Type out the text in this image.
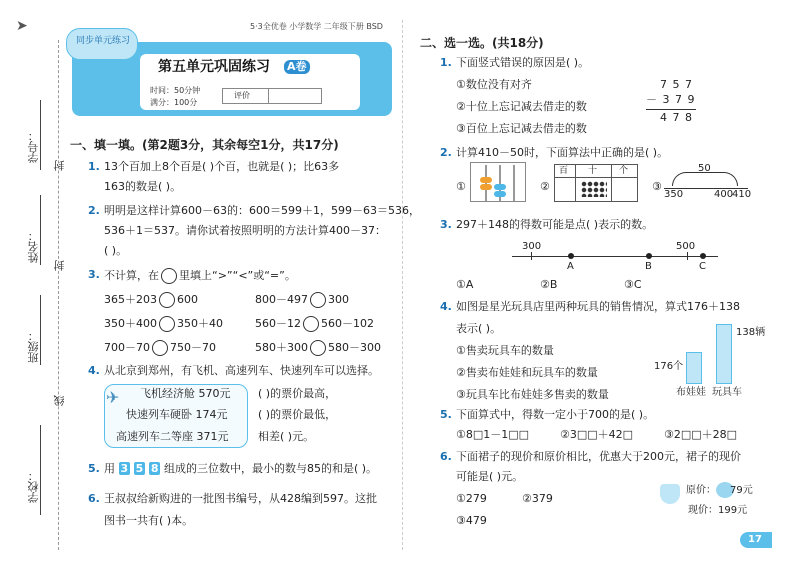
➤
学号：
封
姓名：
封
班级：
线
学校：
5·3全优卷 小学数学 二年级下册 BSD
同步单元练习
第五单元巩固练习 A卷
时间：50分钟
满分：100分
评价
一、填一填。(第2题3分，其余每空1分，共17分)
1. 13个百加上8个百是( )个百，也就是( )；比63多
163的数是( )。
2. 明明是这样计算600－63的：600＝599＋1，599－63＝536，
536＋1＝537。请你试着按照明明的方法计算400－37：
( )。
3. 不计算，在 里填上“>”“<”或“=”。
365＋203 600	800－497 300
350＋400 350＋40	560－12 560－102
700－70 750－70	580＋300 580－300
4. 从北京到郑州，有飞机、高速列车、快速列车可以选择。
✈ 飞机经济舱 570元
快速列车硬卧 174元
高速列车二等座 371元
( )的票价最高，
( )的票价最低，
相差( )元。
5. 用 3 5 8 组成的三位数中，最小的数与85的和是( )。
6. 王叔叔给新购进的一批图书编号，从428编到597。这批
图书一共有( )本。
二、选一选。(共18分)
1. 下面竖式错误的原因是( )。
①数位没有对齐
②十位上忘记减去借走的数
③百位上忘记减去借走的数
7 5 7
－ 3 7 9
4 7 8
2. 计算410－50时，下面算法中正确的是( )。
①	②
百 十 个
③
50
350	400
410
3. 297＋148的得数可能是点( )表示的数。
300	500
A	B	C
①A	②B	③C
4. 如图是星光玩具店里两种玩具的销售情况，算式176＋138
表示( )。
①售卖玩具车的数量
②售卖布娃娃和玩具车的数量
③玩具车比布娃娃多售卖的数量
176个
138辆
布娃娃 玩具车
5. 下面算式中，得数一定小于700的是( )。
①8□1－1□□	②3□□＋42□	③2□□＋28□
6. 下面裙子的现价和原价相比，优惠大于200元，裙子的现价
可能是( )元。
①279	②379
③479
原价： 79元
现价：199元
17
